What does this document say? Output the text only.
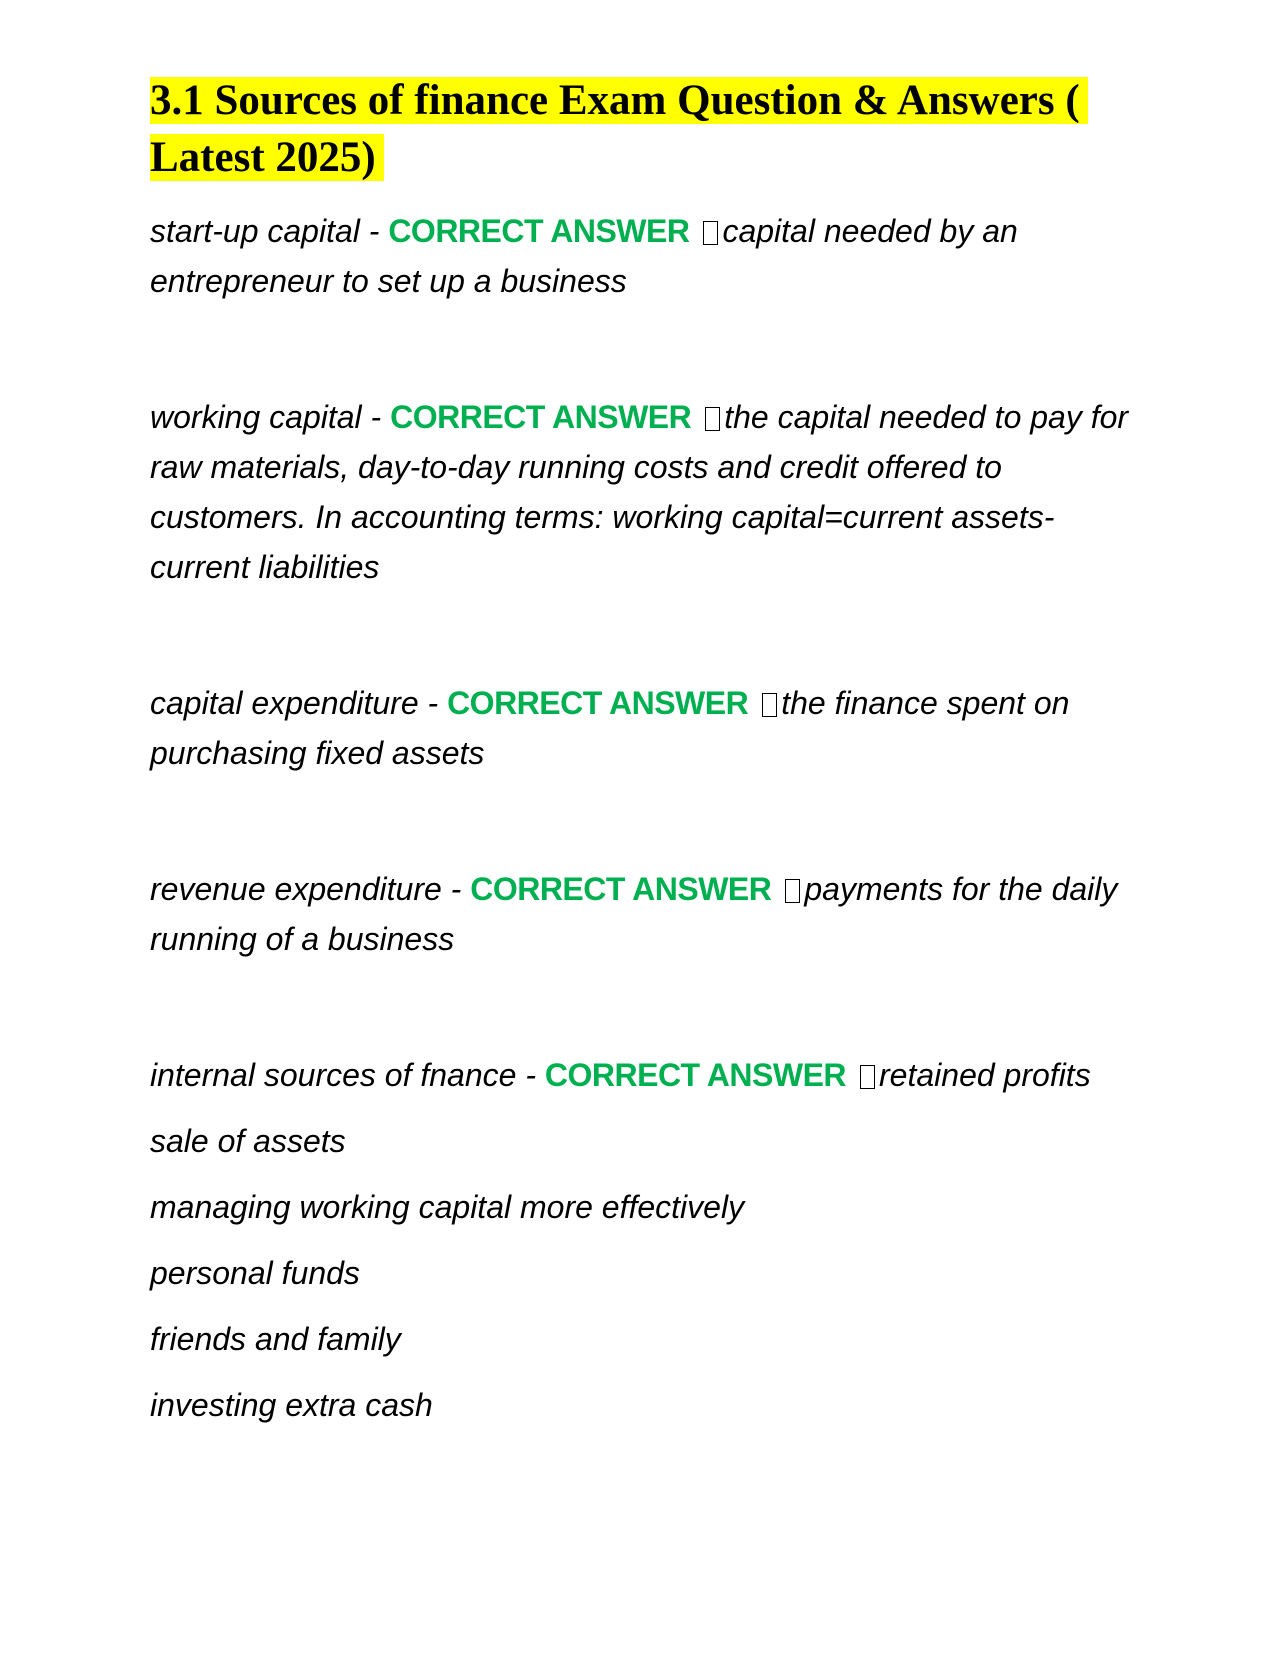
3.1 Sources of finance Exam Question & Answers ( Latest 2025)

start-up capital - CORRECT ANSWER capital needed by an entrepreneur to set up a business

working capital - CORRECT ANSWER the capital needed to pay for raw materials, day-to-day running costs and credit offered to customers. In accounting terms: working capital=current assets-current liabilities

capital expenditure - CORRECT ANSWER the finance spent on purchasing fixed assets

revenue expenditure - CORRECT ANSWER payments for the daily running of a business

internal sources of fnance - CORRECT ANSWER retained profits

sale of assets

managing working capital more effectively

personal funds

friends and family

investing extra cash
